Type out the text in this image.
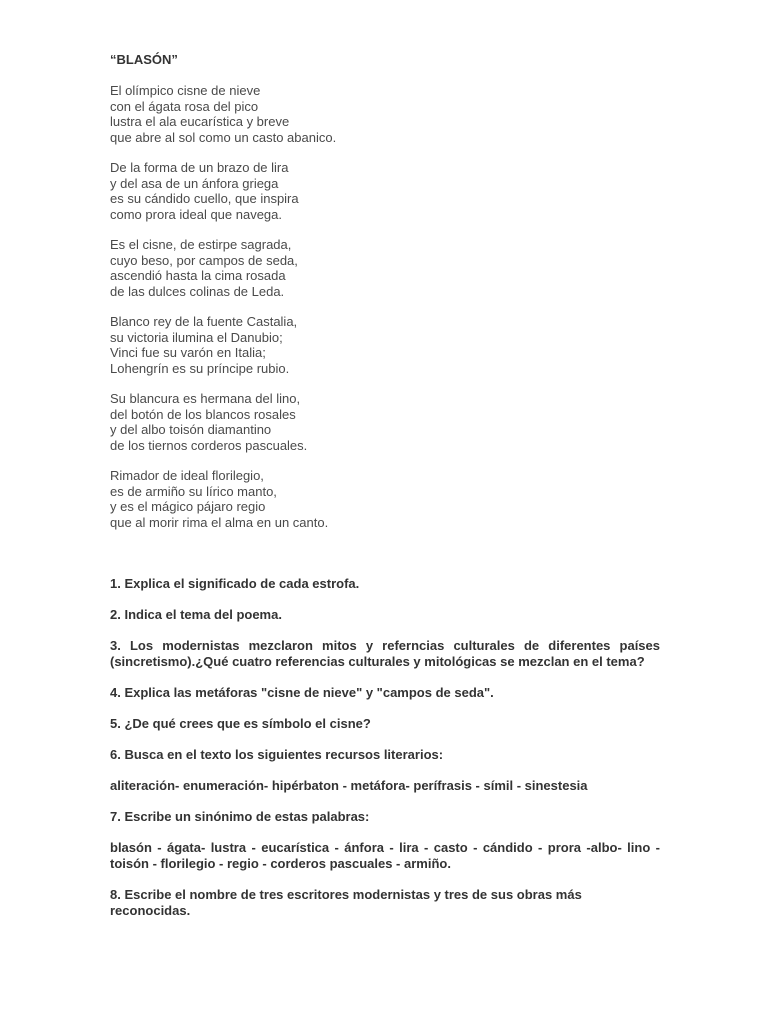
“BLASÓN”
El olímpico cisne de nieve
con el ágata rosa del pico
lustra el ala eucarística y breve
que abre al sol como un casto abanico.
De la forma de un brazo de lira
y del asa de un ánfora griega
es su cándido cuello, que inspira
como prora ideal que navega.
Es el cisne, de estirpe sagrada,
cuyo beso, por campos de seda,
ascendió hasta la cima rosada
de las dulces colinas de Leda.
Blanco rey de la fuente Castalia,
su victoria ilumina el Danubio;
Vinci fue su varón en Italia;
Lohengrín es su príncipe rubio.
Su blancura es hermana del lino,
del botón de los blancos rosales
y del albo toisón diamantino
de los tiernos corderos pascuales.
Rimador de ideal florilegio,
es de armiño su lírico manto,
y es el mágico pájaro regio
que al morir rima el alma en un canto.
1. Explica el significado de cada estrofa.
2. Indica el tema del poema.
3. Los modernistas mezclaron mitos y referncias culturales de diferentes países (sincretismo).¿Qué cuatro referencias culturales y mitológicas se mezclan en el tema?
4. Explica las metáforas "cisne de nieve" y "campos de seda".
5. ¿De qué crees que es símbolo el cisne?
6. Busca en el texto los siguientes recursos literarios:
aliteración- enumeración- hipérbaton - metáfora- perífrasis - símil - sinestesia
7. Escribe un sinónimo de estas palabras:
blasón - ágata- lustra - eucarística - ánfora - lira - casto - cándido - prora -albo- lino - toisón - florilegio - regio - corderos pascuales - armiño.
8. Escribe el nombre de tres escritores modernistas y tres de sus obras más reconocidas.
